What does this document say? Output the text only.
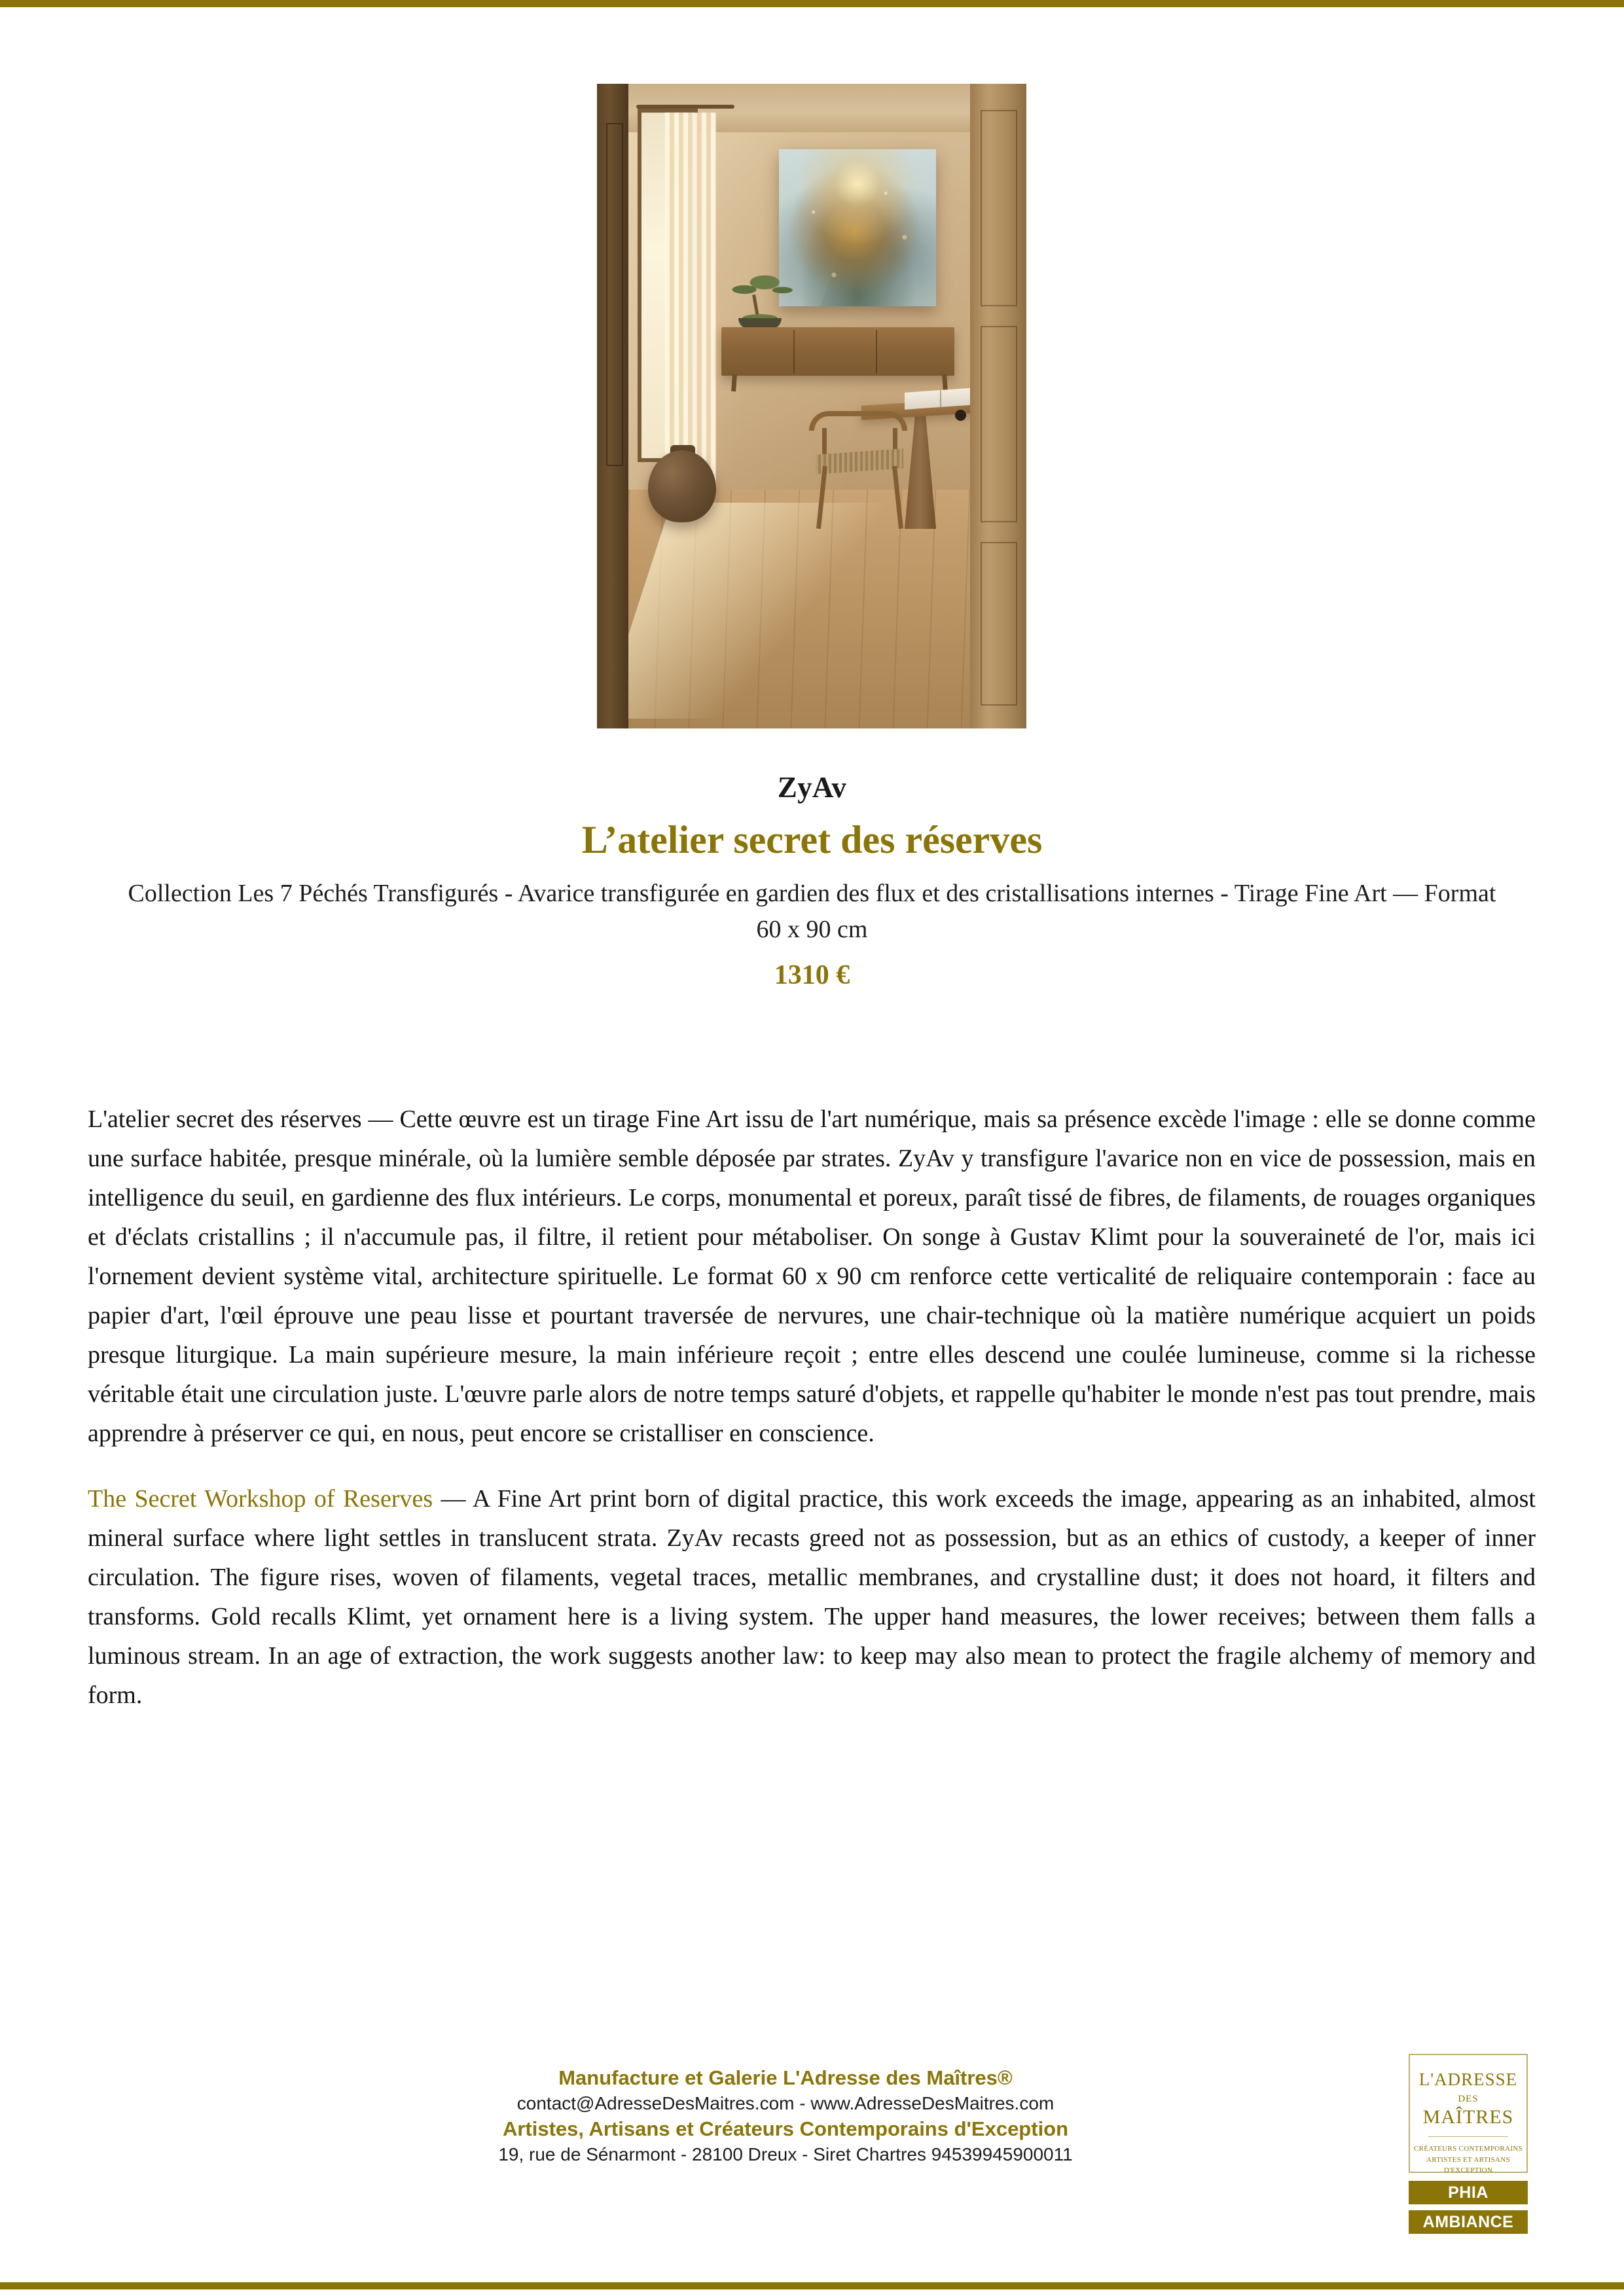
ZyAv
L’atelier secret des réserves
Collection Les 7 Péchés Transfigurés - Avarice transfigurée en gardien des flux et des cristallisations internes - Tirage Fine Art — Format 60 x 90 cm
1310 €

L'atelier secret des réserves — Cette œuvre est un tirage Fine Art issu de l'art numérique, mais sa présence excède l'image : elle se donne comme une surface habitée, presque minérale, où la lumière semble déposée par strates. ZyAv y transfigure l'avarice non en vice de possession, mais en intelligence du seuil, en gardienne des flux intérieurs. Le corps, monumental et poreux, paraît tissé de fibres, de filaments, de rouages organiques et d'éclats cristallins ; il n'accumule pas, il filtre, il retient pour métaboliser. On songe à Gustav Klimt pour la souveraineté de l'or, mais ici l'ornement devient système vital, architecture spirituelle. Le format 60 x 90 cm renforce cette verticalité de reliquaire contemporain : face au papier d'art, l'œil éprouve une peau lisse et pourtant traversée de nervures, une chair-technique où la matière numérique acquiert un poids presque liturgique. La main supérieure mesure, la main inférieure reçoit ; entre elles descend une coulée lumineuse, comme si la richesse véritable était une circulation juste. L'œuvre parle alors de notre temps saturé d'objets, et rappelle qu'habiter le monde n'est pas tout prendre, mais apprendre à préserver ce qui, en nous, peut encore se cristalliser en conscience.

The Secret Workshop of Reserves — A Fine Art print born of digital practice, this work exceeds the image, appearing as an inhabited, almost mineral surface where light settles in translucent strata. ZyAv recasts greed not as possession, but as an ethics of custody, a keeper of inner circulation. The figure rises, woven of filaments, vegetal traces, metallic membranes, and crystalline dust; it does not hoard, it filters and transforms. Gold recalls Klimt, yet ornament here is a living system. The upper hand measures, the lower receives; between them falls a luminous stream. In an age of extraction, the work suggests another law: to keep may also mean to protect the fragile alchemy of memory and form.

Manufacture et Galerie L'Adresse des Maîtres®
contact@AdresseDesMaitres.com - www.AdresseDesMaitres.com
Artistes, Artisans et Créateurs Contemporains d'Exception
19, rue de Sénarmont - 28100 Dreux - Siret Chartres 94539945900011
L'ADRESSE
DES
MAÎTRES
CRÉATEURS CONTEMPORAINS
ARTISTES ET ARTISANS
D'EXCEPTION
PHIA
AMBIANCE
